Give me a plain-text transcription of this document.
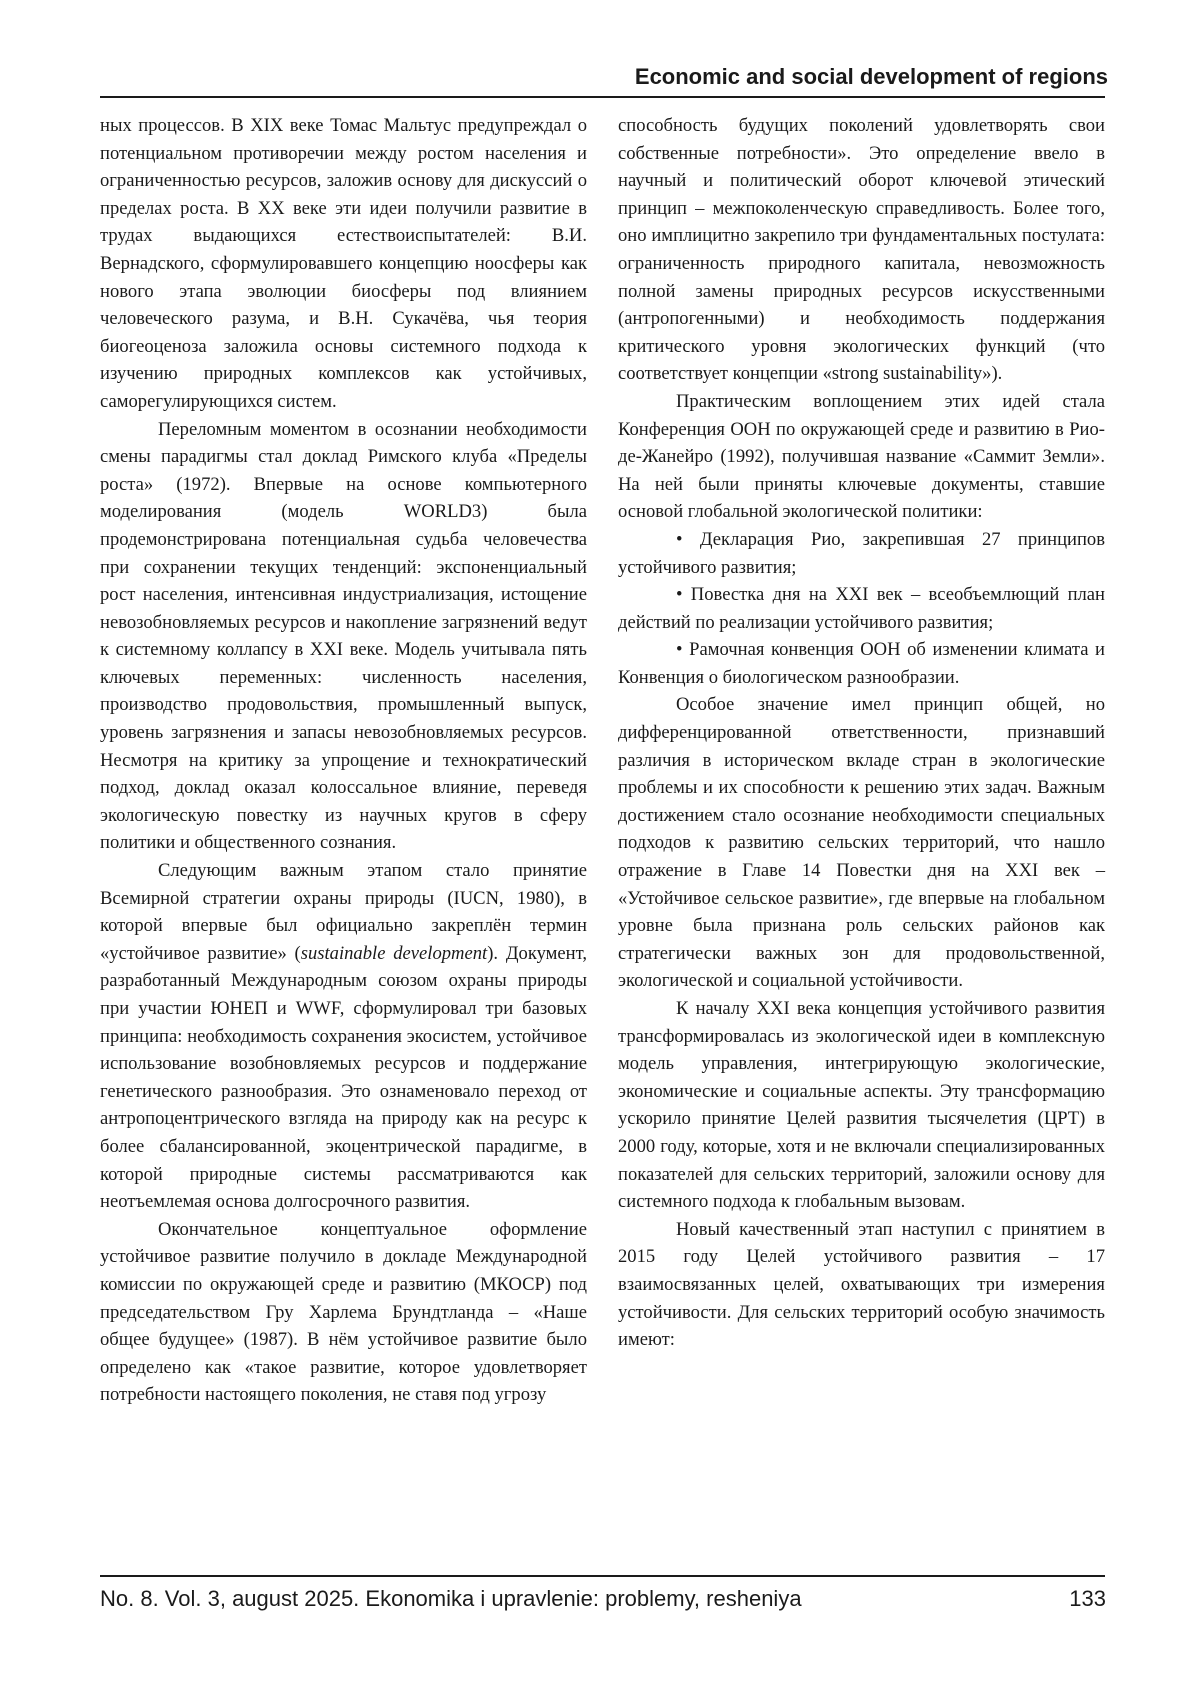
Economic and social development of regions

ных процессов. В XIX веке Томас Мальтус предупреждал о потенциальном противоречии между ростом населения и ограниченностью ресурсов, заложив основу для дискуссий о пределах роста. В XX веке эти идеи получили развитие в трудах выдающихся естествоиспытателей: В.И. Вернадского, сформулировавшего концепцию ноосферы как нового этапа эволюции биосферы под влиянием человеческого разума, и В.Н. Сукачёва, чья теория биогеоценоза заложила основы системного подхода к изучению природных комплексов как устойчивых, саморегулирующихся систем.

Переломным моментом в осознании необходимости смены парадигмы стал доклад Римского клуба «Пределы роста» (1972). Впервые на основе компьютерного моделирования (модель WORLD3) была продемонстрирована потенциальная судьба человечества при сохранении текущих тенденций: экспоненциальный рост населения, интенсивная индустриализация, истощение невозобновляемых ресурсов и накопление загрязнений ведут к системному коллапсу в XXI веке. Модель учитывала пять ключевых переменных: численность населения, производство продовольствия, промышленный выпуск, уровень загрязнения и запасы невозобновляемых ресурсов. Несмотря на критику за упрощение и технократический подход, доклад оказал колоссальное влияние, переведя экологическую повестку из научных кругов в сферу политики и общественного сознания.

Следующим важным этапом стало принятие Всемирной стратегии охраны природы (IUCN, 1980), в которой впервые был официально закреплён термин «устойчивое развитие» (sustainable development). Документ, разработанный Международным союзом охраны природы при участии ЮНЕП и WWF, сформулировал три базовых принципа: необходимость сохранения экосистем, устойчивое использование возобновляемых ресурсов и поддержание генетического разнообразия. Это ознаменовало переход от антропоцентрического взгляда на природу как на ресурс к более сбалансированной, экоцентрической парадигме, в которой природные системы рассматриваются как неотъемлемая основа долгосрочного развития.

Окончательное концептуальное оформление устойчивое развитие получило в докладе Международной комиссии по окружающей среде и развитию (МКОСР) под председательством Гру Харлема Брундтланда – «Наше общее будущее» (1987). В нём устойчивое развитие было определено как «такое развитие, которое удовлетворяет потребности настоящего поколения, не ставя под угрозу

способность будущих поколений удовлетворять свои собственные потребности». Это определение ввело в научный и политический оборот ключевой этический принцип – межпоколенческую справедливость. Более того, оно имплицитно закрепило три фундаментальных постулата: ограниченность природного капитала, невозможность полной замены природных ресурсов искусственными (антропогенными) и необходимость поддержания критического уровня экологических функций (что соответствует концепции «strong sustainability»).

Практическим воплощением этих идей стала Конференция ООН по окружающей среде и развитию в Рио-де-Жанейро (1992), получившая название «Саммит Земли». На ней были приняты ключевые документы, ставшие основой глобальной экологической политики:

• Декларация Рио, закрепившая 27 принципов устойчивого развития;

• Повестка дня на XXI век – всеобъемлющий план действий по реализации устойчивого развития;

• Рамочная конвенция ООН об изменении климата и Конвенция о биологическом разнообразии.

Особое значение имел принцип общей, но дифференцированной ответственности, признавший различия в историческом вкладе стран в экологические проблемы и их способности к решению этих задач. Важным достижением стало осознание необходимости специальных подходов к развитию сельских территорий, что нашло отражение в Главе 14 Повестки дня на XXI век – «Устойчивое сельское развитие», где впервые на глобальном уровне была признана роль сельских районов как стратегически важных зон для продовольственной, экологической и социальной устойчивости.

К началу XXI века концепция устойчивого развития трансформировалась из экологической идеи в комплексную модель управления, интегрирующую экологические, экономические и социальные аспекты. Эту трансформацию ускорило принятие Целей развития тысячелетия (ЦРТ) в 2000 году, которые, хотя и не включали специализированных показателей для сельских территорий, заложили основу для системного подхода к глобальным вызовам.

Новый качественный этап наступил с принятием в 2015 году Целей устойчивого развития – 17 взаимосвязанных целей, охватывающих три измерения устойчивости. Для сельских территорий особую значимость имеют:

No. 8. Vol. 3, august 2025. Ekonomika i upravlenie: problemy, resheniya	133
